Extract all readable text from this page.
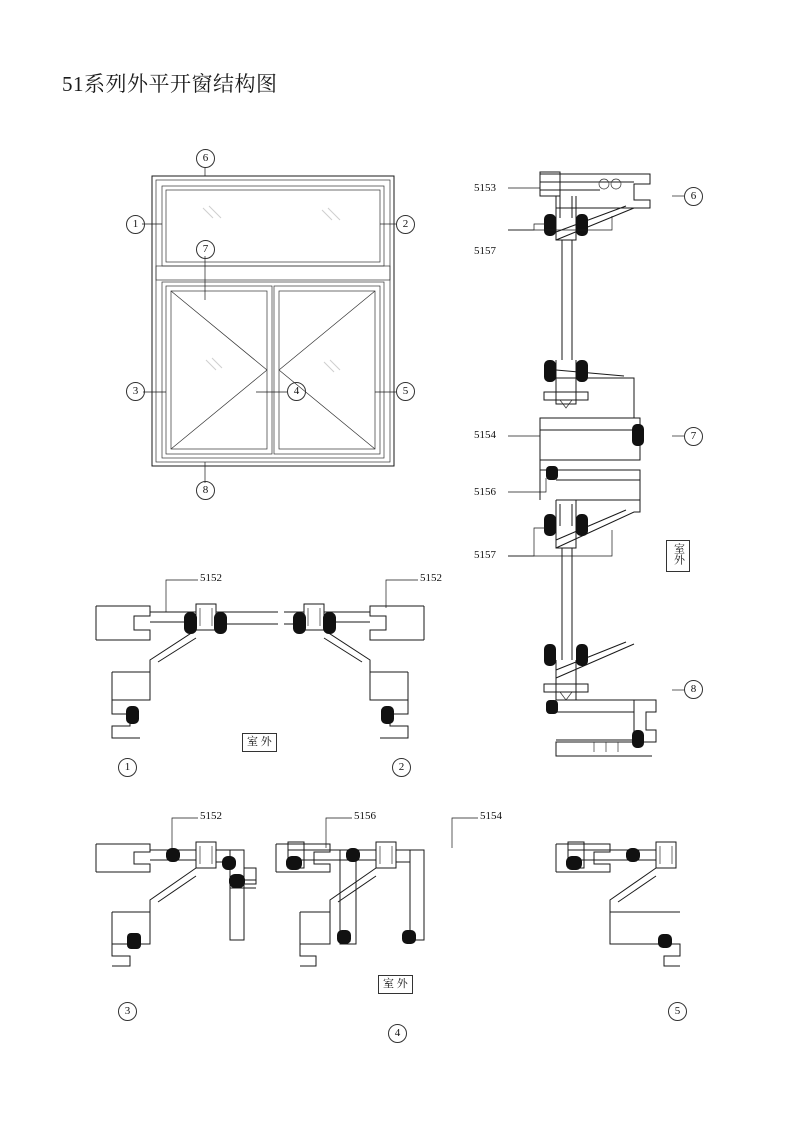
51系列外平开窗结构图
5153
5157
5154
5156
5157
5152	5152
5152	5156	5154
6
1	2
7
3	4	5
8
6
7
8
1	2
3
4
5
室外
室 外
室 外
